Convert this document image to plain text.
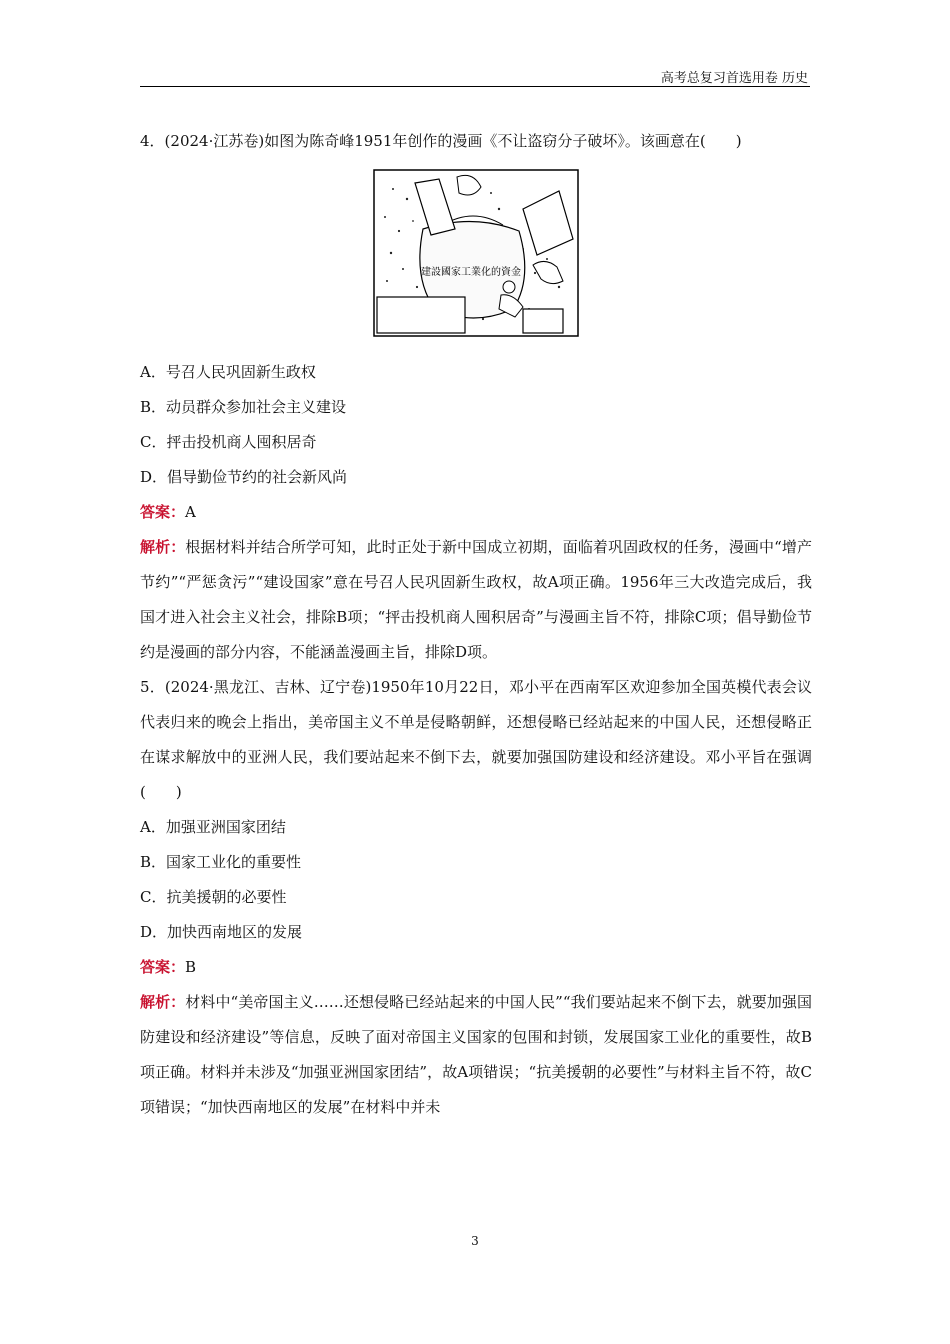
高考总复习首选用卷 历史

4．(2024·江苏卷)如图为陈奇峰1951年创作的漫画《不让盗窃分子破坏》。该画意在(　　)

建設國家工業化的資金

A．号召人民巩固新生政权

B．动员群众参加社会主义建设

C．抨击投机商人囤积居奇

D．倡导勤俭节约的社会新风尚

答案：A

解析：根据材料并结合所学可知，此时正处于新中国成立初期，面临着巩固政权的任务，漫画中“增产节约”“严惩贪污”“建设国家”意在号召人民巩固新生政权，故A项正确。1956年三大改造完成后，我国才进入社会主义社会，排除B项；“抨击投机商人囤积居奇”与漫画主旨不符，排除C项；倡导勤俭节约是漫画的部分内容，不能涵盖漫画主旨，排除D项。

5．(2024·黑龙江、吉林、辽宁卷)1950年10月22日，邓小平在西南军区欢迎参加全国英模代表会议代表归来的晚会上指出，美帝国主义不单是侵略朝鲜，还想侵略已经站起来的中国人民，还想侵略正在谋求解放中的亚洲人民，我们要站起来不倒下去，就要加强国防建设和经济建设。邓小平旨在强调(　　)

A．加强亚洲国家团结

B．国家工业化的重要性

C．抗美援朝的必要性

D．加快西南地区的发展

答案：B

解析：材料中“美帝国主义……还想侵略已经站起来的中国人民”“我们要站起来不倒下去，就要加强国防建设和经济建设”等信息，反映了面对帝国主义国家的包围和封锁，发展国家工业化的重要性，故B项正确。材料并未涉及“加强亚洲国家团结”，故A项错误；“抗美援朝的必要性”与材料主旨不符，故C项错误；“加快西南地区的发展”在材料中并未

3
